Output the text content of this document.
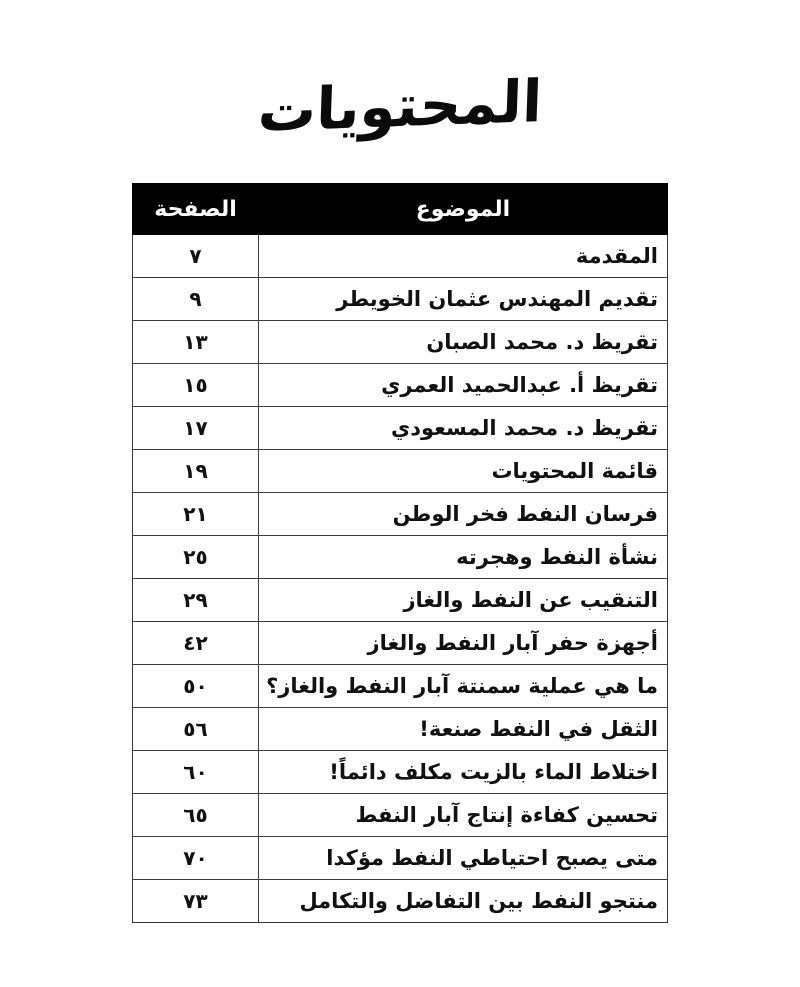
المحتويات
الموضوع	الصفحة
المقدمة	٧
تقديم المهندس عثمان الخويطر	٩
تقريظ د. محمد الصبان	١٣
تقريظ أ. عبدالحميد العمري	١٥
تقريظ د. محمد المسعودي	١٧
قائمة المحتويات	١٩
فرسان النفط فخر الوطن	٢١
نشأة النفط وهجرته	٢٥
التنقيب عن النفط والغاز	٢٩
أجهزة حفر آبار النفط والغاز	٤٢
ما هي عملية سمنتة آبار النفط والغاز؟	٥٠
الثقل في النفط صنعة!	٥٦
اختلاط الماء بالزيت مكلف دائماً!	٦٠
تحسين كفاءة إنتاج آبار النفط	٦٥
متى يصبح احتياطي النفط مؤكدا	٧٠
منتجو النفط بين التفاضل والتكامل	٧٣
